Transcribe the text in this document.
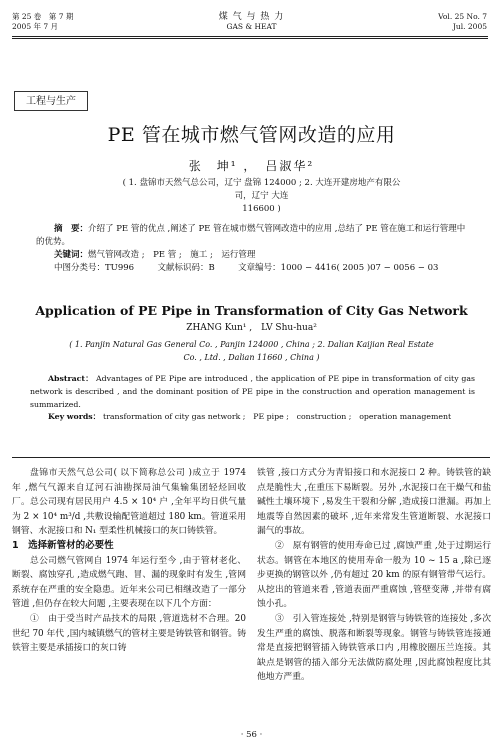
第 25 卷　第 7 期
2005 年 7 月
煤 气 与 热 力
GAS & HEAT
Vol. 25 No. 7
Jul. 2005
工程与生产
PE 管在城市燃气管网改造的应用
张　坤¹ ，　吕淑华²
( 1. 盘锦市天然气总公司，辽宁 盘锦 124000 ; 2. 大连开建房地产有限公司，辽宁 大连
116600 )
摘　要：介绍了 PE 管的优点 ,阐述了 PE 管在城市燃气管网改造中的应用 ,总结了 PE 管在施工和运行管理中的优势。
关键词：燃气管网改造 ;　PE 管 ;　施工 ;　运行管理
中图分类号：TU996	文献标识码：B	文章编号：1000 − 4416( 2005 )07 − 0056 − 03
Application of PE Pipe in Transformation of City Gas Network
ZHANG Kun¹ ,　LV Shu-hua²
( 1. Panjin Natural Gas General Co. , Panjin 124000 , China ; 2. Dalian Kaijian Real Estate
Co. , Ltd. , Dalian 11660 , China )

Abstract： Advantages of PE Pipe are introduced , the application of PE pipe in transformation of city gas network is described , and the dominant position of PE pipe in the construction and operation management is summarized.

Key words： transformation of city gas network ;　PE pipe ;　construction ;　operation management

盘锦市天然气总公司( 以下简称总公司 )成立于 1974 年 ,燃气气源来自辽河石油勘探局油气集输集团轻烃回收厂。总公司现有居民用户 4.5 × 10⁴ 户 ,全年平均日供气量为 2 × 10⁴ m³/d ,共敷设输配管道超过 180 km。管道采用钢管、水泥接口和 N₁ 型柔性机械接口的灰口铸铁管。

1　选择新管材的必要性

总公司燃气管网自 1974 年运行至今 ,由于管材老化、断裂、腐蚀穿孔 ,造成燃气跑、冒、漏的现象时有发生 ,管网系统存在严重的安全隐患。近年来公司已相继改造了一部分管道 ,但仍存在较大问题 ,主要表现在以下几个方面：

①　由于受当时产品技术的局限 ,管道选材不合理。20 世纪 70 年代 ,国内城镇燃气的管材主要是铸铁管和钢管。铸铁管主要是承插接口的灰口铸

铁管 ,接口方式分为青铅接口和水泥接口 2 种。铸铁管的缺点是脆性大 ,在重压下易断裂。另外 ,水泥接口在干燥气和盐碱性土壤环境下 ,易发生干裂和分解 ,造成接口泄漏。再加上地震等自然因素的破坏 ,近年来常发生管道断裂、水泥接口漏气的事故。

②　原有钢管的使用寿命已过 ,腐蚀严重 ,处于过期运行状态。钢管在本地区的使用寿命一般为 10 ~ 15 a ,除已逐步更换的钢管以外 ,仍有超过 20 km 的原有钢管带气运行。从挖出的管道来看 ,管道表面严重腐蚀 ,管壁变薄 ,并带有腐蚀小孔。

③　引入管连接处 ,特别是钢管与铸铁管的连接处 ,多次发生严重的腐蚀、脱落和断裂等现象。钢管与铸铁管连接通常是直接把钢管插入铸铁管承口内 ,用橡胶圈压兰连接。其缺点是钢管的插入部分无法做防腐处理 ,因此腐蚀程度比其他地方严重。

· 56 ·
